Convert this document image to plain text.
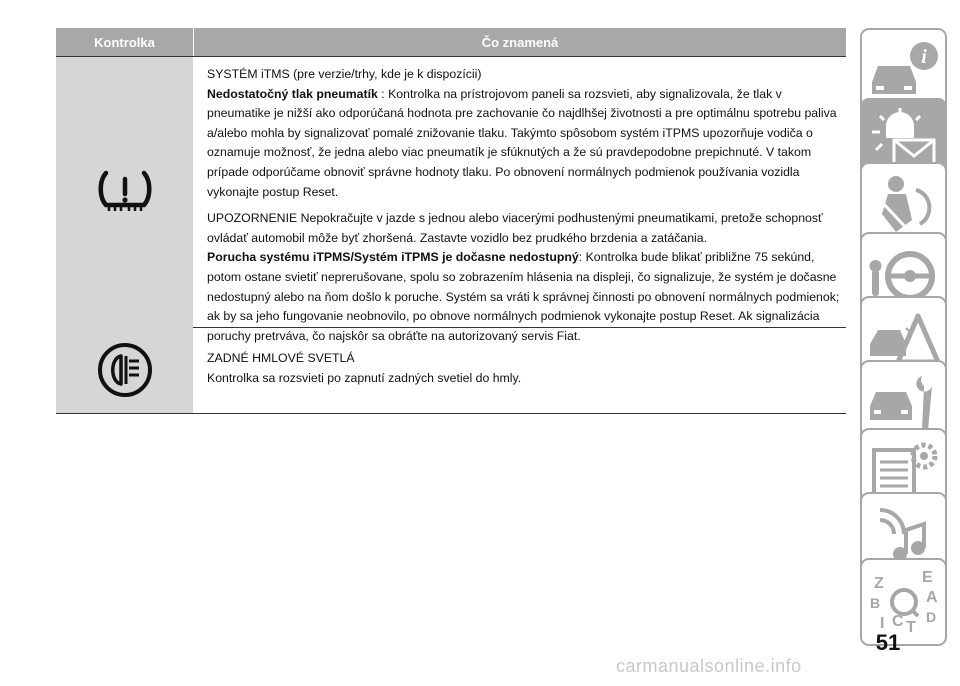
Kontrolka	Čo znamená

SYSTÉM iTMS (pre verzie/trhy, kde je k dispozícii)

Nedostatočný tlak pneumatík : Kontrolka na prístrojovom paneli sa rozsvieti, aby signalizovala, že tlak v pneumatike je nižší ako odporúčaná hodnota pre zachovanie čo najdlhšej životnosti a pre optimálnu spotrebu paliva a/alebo mohla by signalizovať pomalé znižovanie tlaku. Takýmto spôsobom systém iTPMS upozorňuje vodiča o oznamuje možnosť, že jedna alebo viac pneumatík je sfúknutých a že sú pravdepodobne prepichnuté. V takom prípade odporúčame obnoviť správne hodnoty tlaku. Po obnovení normálnych podmienok používania vozidla vykonajte postup Reset.

UPOZORNENIE Nepokračujte v jazde s jednou alebo viacerými podhustenými pneumatikami, pretože schopnosť ovládať automobil môže byť zhoršená. Zastavte vozidlo bez prudkého brzdenia a zatáčania.

Porucha systému iTPMS/Systém iTPMS je dočasne nedostupný: Kontrolka bude blikať približne 75 sekúnd, potom ostane svietiť neprerušovane, spolu so zobrazením hlásenia na displeji, čo signalizuje, že systém je dočasne nedostupný alebo na ňom došlo k poruche. Systém sa vráti k správnej činnosti po obnovení normálnych podmienok; ak by sa jeho fungovanie neobnovilo, po obnove normálnych podmienok vykonajte postup Reset. Ak signalizácia poruchy pretrváva, čo najskôr sa obráťte na autorizovaný servis Fiat.

ZADNÉ HMLOVÉ SVETLÁ

Kontrolka sa rozsvieti po zapnutí zadných svetiel do hmly.

i
Z E
B	A
C T
D
I
51
carmanualsonline.info
